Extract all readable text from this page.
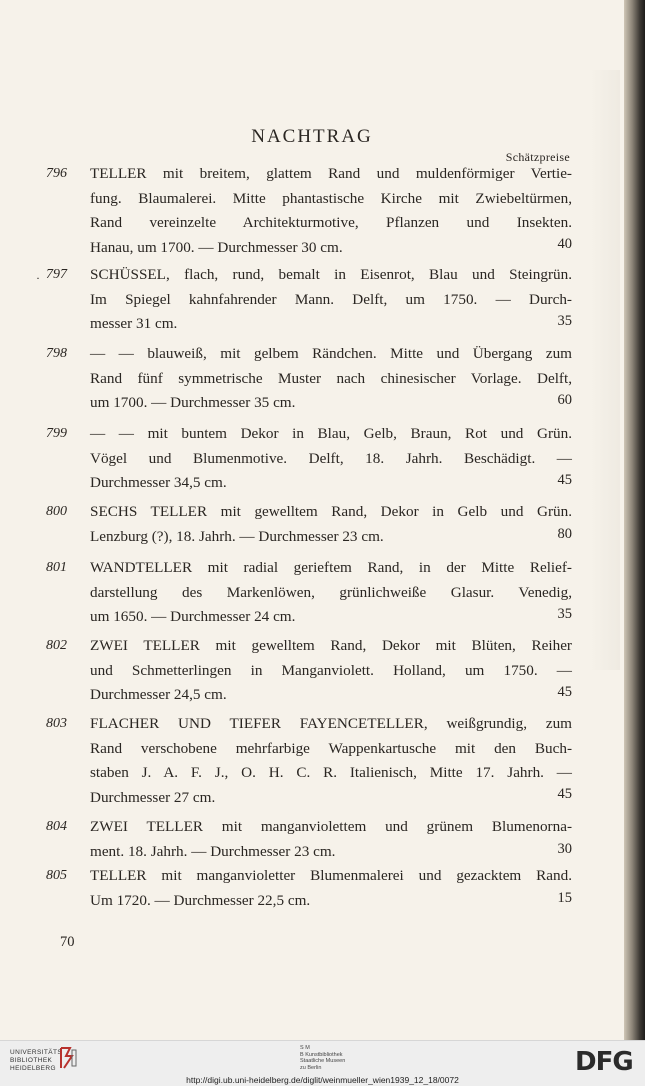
NACHTRAG
Schätzpreise
·
796	TELLER mit breitem, glattem Rand und muldenförmiger Vertie-
fung. Blaumalerei. Mitte phantastische Kirche mit Zwiebeltürmen,
Rand vereinzelte Architekturmotive, Pflanzen und Insekten.
Hanau, um 1700. — Durchmesser 30 cm.	40
797	SCHÜSSEL, flach, rund, bemalt in Eisenrot, Blau und Steingrün.
Im Spiegel kahnfahrender Mann. Delft, um 1750. — Durch-
messer 31 cm.	35
798	— — blauweiß, mit gelbem Rändchen. Mitte und Übergang zum
Rand fünf symmetrische Muster nach chinesischer Vorlage. Delft,
um 1700. — Durchmesser 35 cm.	60
799	— — mit buntem Dekor in Blau, Gelb, Braun, Rot und Grün.
Vögel und Blumenmotive. Delft, 18. Jahrh. Beschädigt. —
Durchmesser 34,5 cm.	45
800	SECHS TELLER mit gewelltem Rand, Dekor in Gelb und Grün.
Lenzburg (?), 18. Jahrh. — Durchmesser 23 cm.	80
801	WANDTELLER mit radial gerieftem Rand, in der Mitte Relief-
darstellung des Markenlöwen, grünlichweiße Glasur. Venedig,
um 1650. — Durchmesser 24 cm.	35
802	ZWEI TELLER mit gewelltem Rand, Dekor mit Blüten, Reiher
und Schmetterlingen in Manganviolett. Holland, um 1750. —
Durchmesser 24,5 cm.	45
803	FLACHER UND TIEFER FAYENCETELLER, weißgrundig, zum
Rand verschobene mehrfarbige Wappenkartusche mit den Buch-
staben J. A. F. J., O. H. C. R. Italienisch, Mitte 17. Jahrh. —
Durchmesser 27 cm.	45
804	ZWEI TELLER mit manganviolettem und grünem Blumenorna-
ment. 18. Jahrh. — Durchmesser 23 cm.	30
805	TELLER mit manganvioletter Blumenmalerei und gezacktem Rand.
Um 1720. — Durchmesser 22,5 cm.	15
70
UNIVERSITÄTS
BIBLIOTHEK
HEIDELBERG
S M
B Kunstbibliothek
Staatliche Museen
zu Berlin	DFG
http://digi.ub.uni-heidelberg.de/diglit/weinmueller_wien1939_12_18/0072
